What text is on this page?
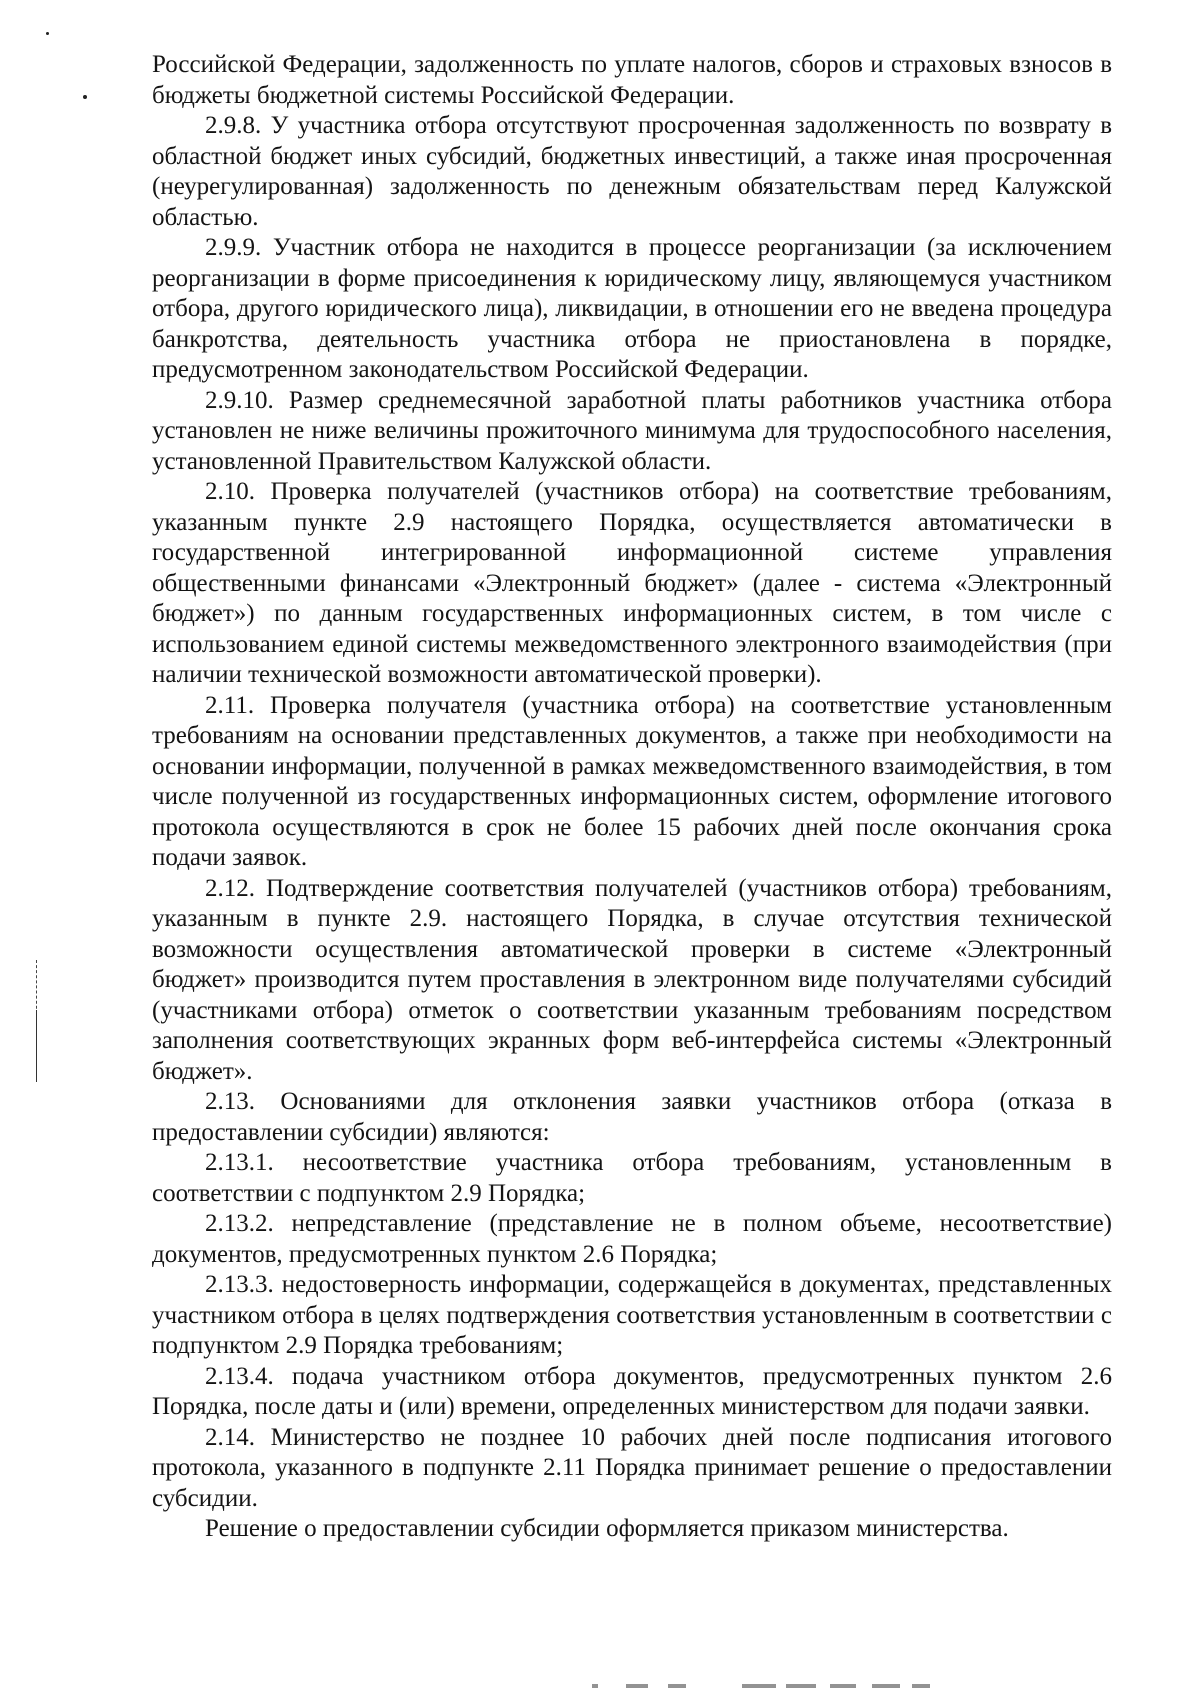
Российской Федерации, задолженность по уплате налогов, сборов и страховых взносов в бюджеты бюджетной системы Российской Федерации.

2.9.8. У участника отбора отсутствуют просроченная задолженность по возврату в областной бюджет иных субсидий, бюджетных инвестиций, а также иная просроченная (неурегулированная) задолженность по денежным обязательствам перед Калужской областью.

2.9.9. Участник отбора не находится в процессе реорганизации (за исключением реорганизации в форме присоединения к юридическому лицу, являющемуся участником отбора, другого юридического лица), ликвидации, в отношении его не введена процедура банкротства, деятельность участника отбора не приостановлена в порядке, предусмотренном законодательством Российской Федерации.

2.9.10. Размер среднемесячной заработной платы работников участника отбора установлен не ниже величины прожиточного минимума для трудоспособного населения, установленной Правительством Калужской области.

2.10. Проверка получателей (участников отбора) на соответствие требованиям, указанным пункте 2.9 настоящего Порядка, осуществляется автоматически в государственной интегрированной информационной системе управления общественными финансами «Электронный бюджет» (далее - система «Электронный бюджет») по данным государственных информационных систем, в том числе с использованием единой системы межведомственного электронного взаимодействия (при наличии технической возможности автоматической проверки).

2.11. Проверка получателя (участника отбора) на соответствие установленным требованиям на основании представленных документов, а также при необходимости на основании информации, полученной в рамках межведомственного взаимодействия, в том числе полученной из государственных информационных систем, оформление итогового протокола осуществляются в срок не более 15 рабочих дней после окончания срока подачи заявок.

2.12. Подтверждение соответствия получателей (участников отбора) требованиям, указанным в пункте 2.9. настоящего Порядка, в случае отсутствия технической возможности осуществления автоматической проверки в системе «Электронный бюджет» производится путем проставления в электронном виде получателями субсидий (участниками отбора) отметок о соответствии указанным требованиям посредством заполнения соответствующих экранных форм веб-интерфейса системы «Электронный бюджет».

2.13. Основаниями для отклонения заявки участников отбора (отказа в предоставлении субсидии) являются:

2.13.1. несоответствие участника отбора требованиям, установленным в соответствии с подпунктом 2.9 Порядка;

2.13.2. непредставление (представление не в полном объеме, несоответствие) документов, предусмотренных пунктом 2.6 Порядка;

2.13.3. недостоверность информации, содержащейся в документах, представленных участником отбора в целях подтверждения соответствия установленным в соответствии с подпунктом 2.9 Порядка требованиям;

2.13.4. подача участником отбора документов, предусмотренных пунктом 2.6 Порядка, после даты и (или) времени, определенных министерством для подачи заявки.

2.14. Министерство не позднее 10 рабочих дней после подписания итогового протокола, указанного в подпункте 2.11 Порядка принимает решение о предоставлении субсидии.

Решение о предоставлении субсидии оформляется приказом министерства.
